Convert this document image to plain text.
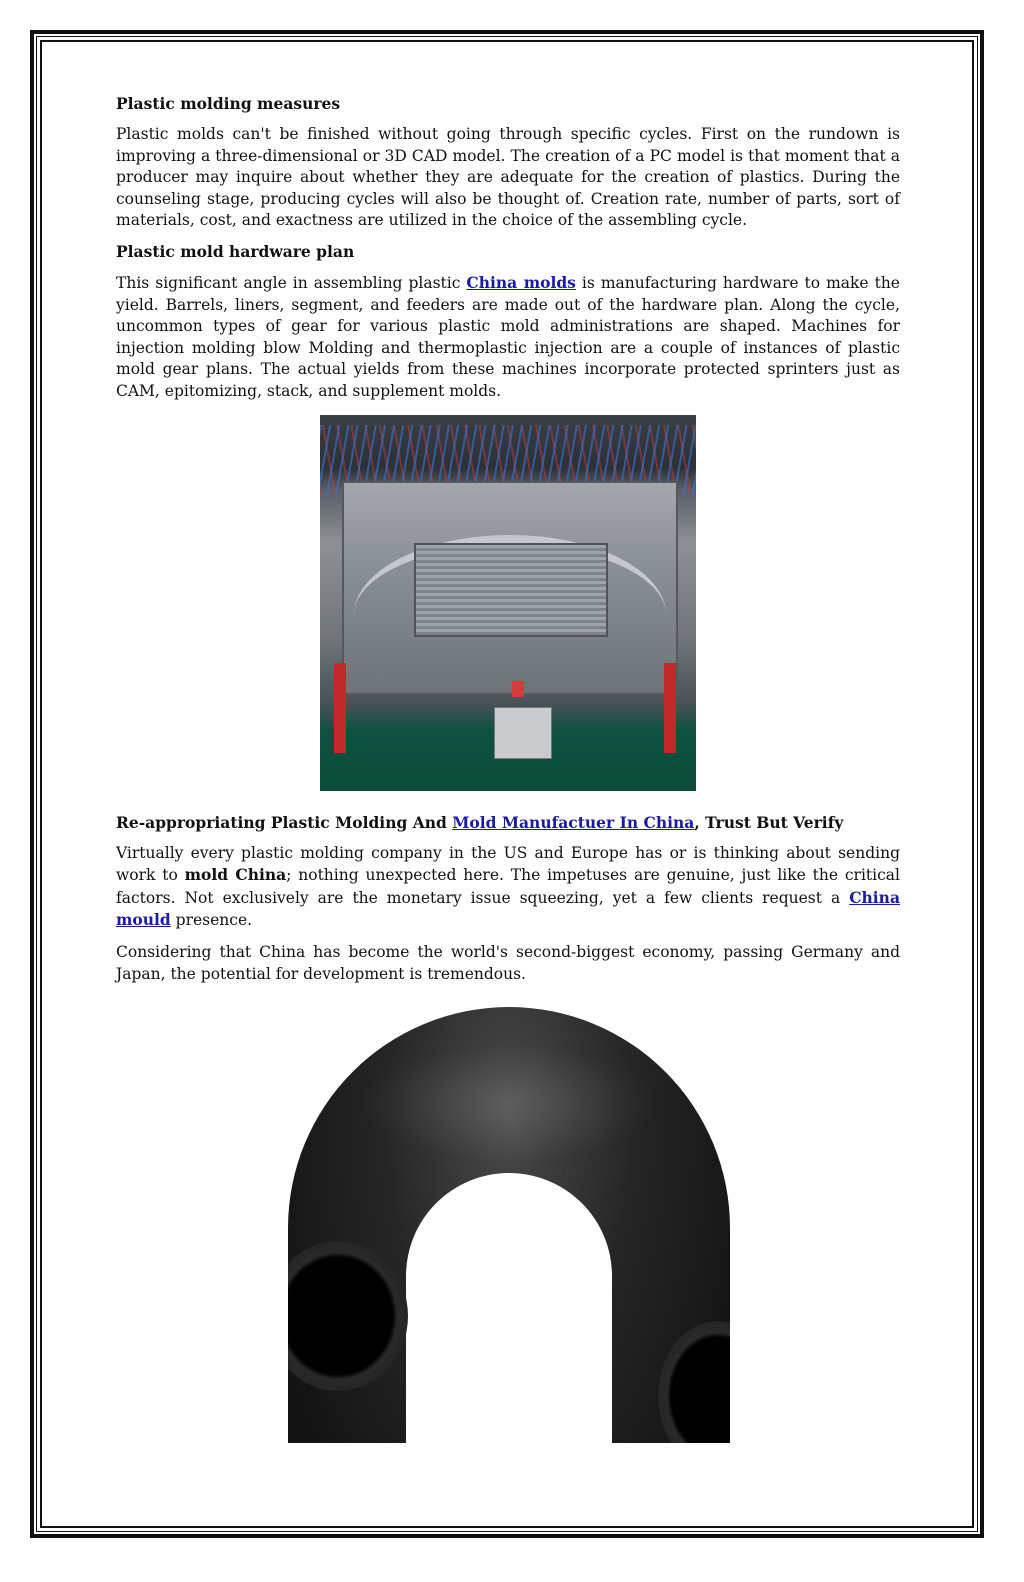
Plastic molding measures

Plastic molds can't be finished without going through specific cycles. First on the rundown is improving a three-dimensional or 3D CAD model. The creation of a PC model is that moment that a producer may inquire about whether they are adequate for the creation of plastics. During the counseling stage, producing cycles will also be thought of. Creation rate, number of parts, sort of materials, cost, and exactness are utilized in the choice of the assembling cycle.

Plastic mold hardware plan

This significant angle in assembling plastic China molds is manufacturing hardware to make the yield. Barrels, liners, segment, and feeders are made out of the hardware plan. Along the cycle, uncommon types of gear for various plastic mold administrations are shaped. Machines for injection molding blow Molding and thermoplastic injection are a couple of instances of plastic mold gear plans. The actual yields from these machines incorporate protected sprinters just as CAM, epitomizing, stack, and supplement molds.

Re-appropriating Plastic Molding And Mold Manufactuer In China, Trust But Verify

Virtually every plastic molding company in the US and Europe has or is thinking about sending work to mold China; nothing unexpected here. The impetuses are genuine, just like the critical factors. Not exclusively are the monetary issue squeezing, yet a few clients request a China mould presence.

Considering that China has become the world's second-biggest economy, passing Germany and Japan, the potential for development is tremendous.
